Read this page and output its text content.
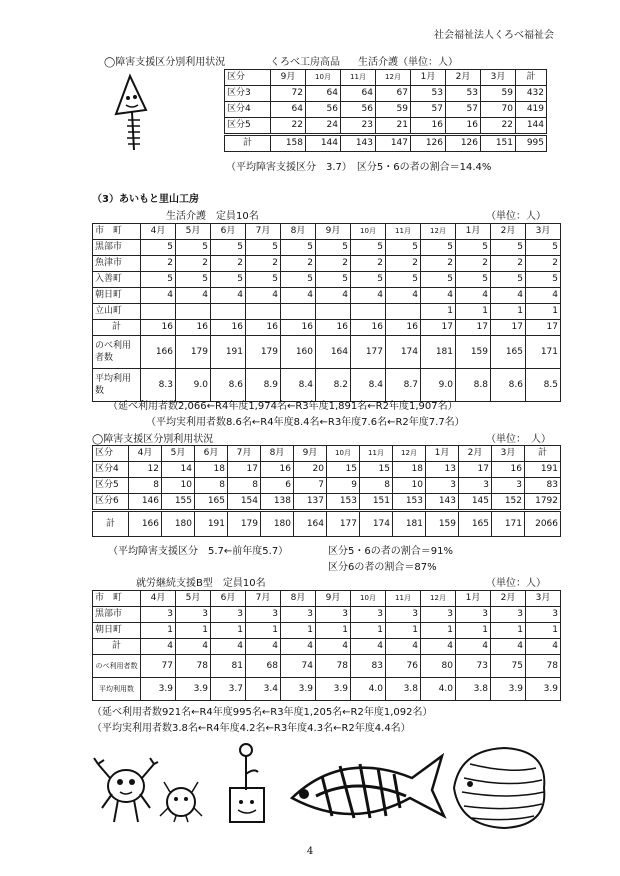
社会福祉法人くろべ福祉会
◯障害支援区分別利用状況	くろべ工房高品 生活介護（単位：人）
区分	9月	10月	11月	12月	1月	2月	3月	計
区分3	72	64	64	67	53	53	59	432
区分4	64	56	56	59	57	57	70	419
区分5	22	24	23	21	16	16	22	144
計	158	144	143	147	126	126	151	995
（平均障害支援区分　3.7）　区分5・6の者の割合＝14.4%
（3）あいもと里山工房
生活介護　定員10名	（単位：人）
市　町	4月	5月	6月	7月	8月	9月	10月	11月	12月	1月	2月	3月
黒部市	5	5	5	5	5	5	5	5	5	5	5	5
魚津市	2	2	2	2	2	2	2	2	2	2	2	2
入善町	5	5	5	5	5	5	5	5	5	5	5	5
朝日町	4	4	4	4	4	4	4	4	4	4	4	4
立山町									1	1	1	1
計	16	16	16	16	16	16	16	16	17	17	17	17
のべ利用者数	166	179	191	179	160	164	177	174	181	159	165	171
平均利用数	8.3	9.0	8.6	8.9	8.4	8.2	8.4	8.7	9.0	8.8	8.6	8.5
（延べ利用者数2,066←R4年度1,974名←R3年度1,891名←R2年度1,907名）
（平均実利用者数8.6名←R4年度8.4名←R3年度7.6名←R2年度7.7名）
◯障害支援区分別利用状況	（単位：　人）
区分	4月	5月	6月	7月	8月	9月	10月	11月	12月	1月	2月	3月	計
区分4	12	14	18	17	16	20	15	15	18	13	17	16	191
区分5	8	10	8	8	6	7	9	8	10	3	3	3	83
区分6	146	155	165	154	138	137	153	151	153	143	145	152	1792
計	166	180	191	179	180	164	177	174	181	159	165	171	2066
（平均障害支援区分　5.7←前年度5.7）	区分5・6の者の割合＝91%
区分6の者の割合＝87%
就労継続支援B型　定員10名	（単位：人）
市　町	4月	5月	6月	7月	8月	9月	10月	11月	12月	1月	2月	3月
黒部市	3	3	3	3	3	3	3	3	3	3	3	3
朝日町	1	1	1	1	1	1	1	1	1	1	1	1
計	4	4	4	4	4	4	4	4	4	4	4	4
のべ利用者数	77	78	81	68	74	78	83	76	80	73	75	78
平均利用数	3.9	3.9	3.7	3.4	3.9	3.9	4.0	3.8	4.0	3.8	3.9	3.9
（延べ利用者数921名←R4年度995名←R3年度1,205名←R2年度1,092名）
（平均実利用者数3.8名←R4年度4.2名←R3年度4.3名←R2年度4.4名）
4
